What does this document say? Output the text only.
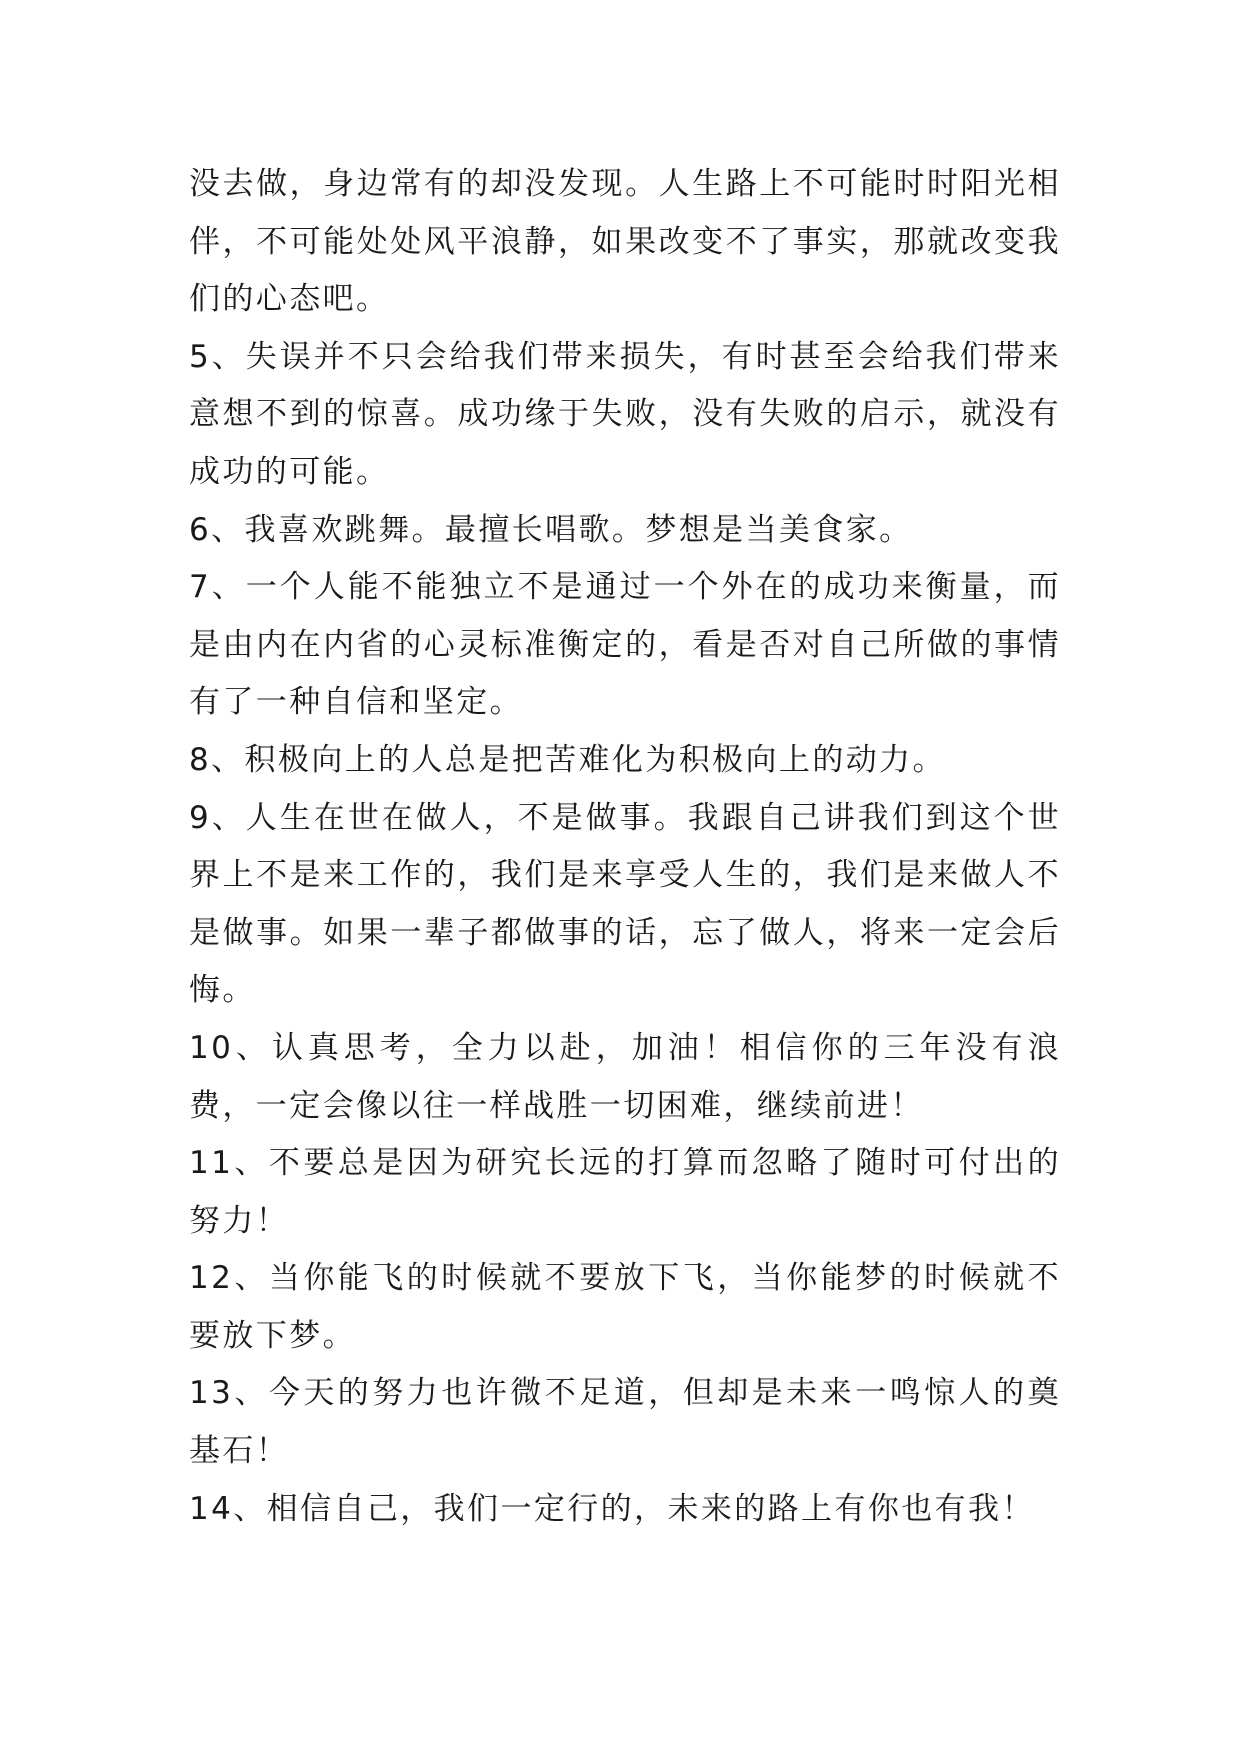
没去做，身边常有的却没发现。人生路上不可能时时阳光相伴，不可能处处风平浪静，如果改变不了事实，那就改变我们的心态吧。

5、失误并不只会给我们带来损失，有时甚至会给我们带来意想不到的惊喜。成功缘于失败，没有失败的启示，就没有成功的可能。

6、我喜欢跳舞。最擅长唱歌。梦想是当美食家。

7、一个人能不能独立不是通过一个外在的成功来衡量，而是由内在内省的心灵标准衡定的，看是否对自己所做的事情有了一种自信和坚定。

8、积极向上的人总是把苦难化为积极向上的动力。

9、人生在世在做人，不是做事。我跟自己讲我们到这个世界上不是来工作的，我们是来享受人生的，我们是来做人不是做事。如果一辈子都做事的话，忘了做人，将来一定会后悔。

10、认真思考，全力以赴，加油！相信你的三年没有浪费，一定会像以往一样战胜一切困难，继续前进！

11、不要总是因为研究长远的打算而忽略了随时可付出的努力！

12、当你能飞的时候就不要放下飞，当你能梦的时候就不要放下梦。

13、今天的努力也许微不足道，但却是未来一鸣惊人的奠基石！

14、相信自己，我们一定行的，未来的路上有你也有我！
